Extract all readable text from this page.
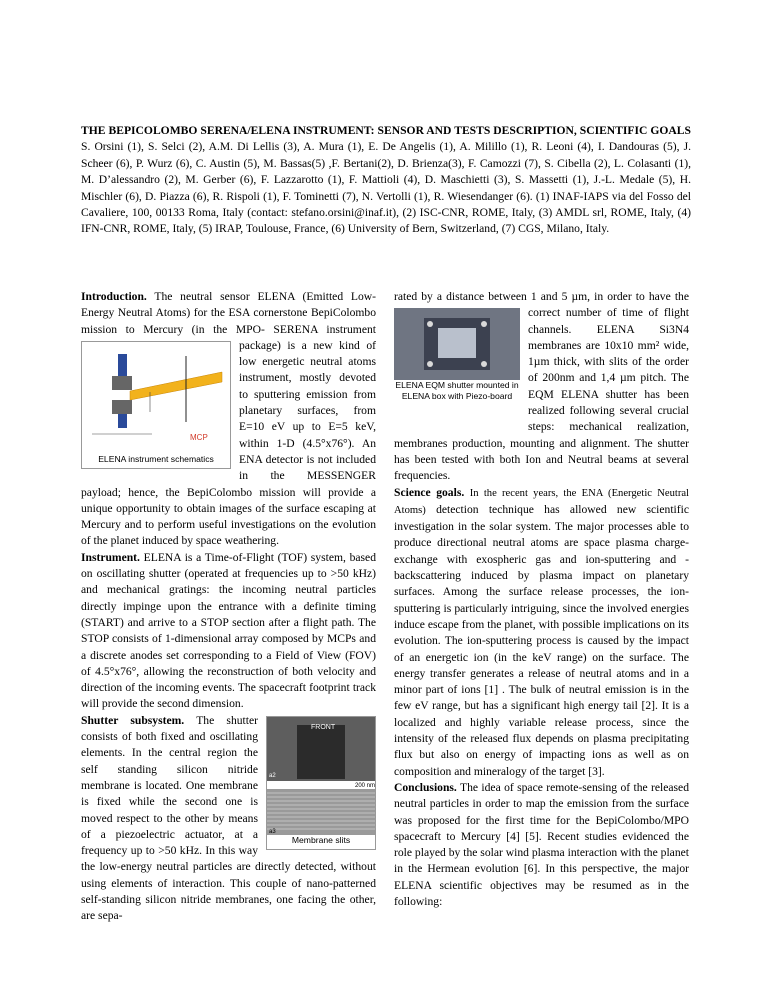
THE BEPICOLOMBO SERENA/ELENA INSTRUMENT: SENSOR AND TESTS DESCRIPTION, SCIENTIFIC GOALS S. Orsini (1), S. Selci (2), A.M. Di Lellis (3), A. Mura (1), E. De Angelis (1), A. Milillo (1), R. Leoni (4), I. Dandouras (5), J. Scheer (6), P. Wurz (6), C. Austin (5), M. Bassas(5) ,F. Bertani(2), D. Brienza(3), F. Camozzi (7), S. Cibella (2), L. Colasanti (1), M. D’alessandro (2), M. Gerber (6), F. Lazzarotto (1), F. Mattioli (4), D. Maschietti (3), S. Massetti (1), J.-L. Medale (5), H. Mischler (6), D. Piazza (6), R. Rispoli (1), F. Tominetti (7), N. Vertolli (1), R. Wiesendanger (6). (1) INAF-IAPS via del Fosso del Cavaliere, 100, 00133 Roma, Italy (contact: stefano.orsini@inaf.it), (2) ISC-CNR, ROME, Italy, (3) AMDL srl, ROME, Italy, (4) IFN-CNR, ROME, Italy, (5) IRAP, Toulouse, France, (6) University of Bern, Switzerland, (7) CGS, Milano, Italy.

Introduction. The neutral sensor ELENA (Emitted Low-Energy Neutral Atoms) for the ESA cornerstone BepiColombo mission to Mercury (in the MPO-
MCP
ELENA instrument schematics
SERENA instrument package) is a new kind of low energetic neutral atoms instrument, mostly devoted to sputtering emission from planetary surfaces, from E=10 eV up to E=5 keV, within 1-D (4.5°x76°). An ENA detector is not included in the MESSENGER payload; hence, the BepiColombo mission will provide a unique opportunity to obtain images of the surface escaping at Mercury and to perform useful investigations on the evolution of the planet induced by space weathering.

Instrument. ELENA is a Time-of-Flight (TOF) system, based on oscillating shutter (operated at frequencies up to >50 kHz) and mechanical gratings: the incoming neutral particles directly impinge upon the entrance with a definite timing (START) and arrive to a STOP section after a flight path. The STOP consists of 1-dimensional array composed by MCPs and a discrete anodes set corresponding to a Field of View (FOV) of 4.5°x76°, allowing the reconstruction of both velocity and direction of the incoming events. The spacecraft footprint track will provide the second dimension.

FRONT
a2
200 nm
a3
Membrane slits
Shutter subsystem. The shutter consists of both fixed and oscillating elements. In the central region the self standing silicon nitride membrane is located. One membrane is fixed while the second one is moved respect to the other by means of a piezoelectric actuator, at a frequency up to >50 kHz. In this way the low-energy neutral particles are directly detected, without using elements of interaction. This couple of nano-patterned self-standing silicon nitride membranes, one facing the other, are sepa-

rated by a distance between 1 and 5 µm, in order to
ELENA EQM shutter mounted in ELENA box with Piezo-board
have the correct number of time of flight channels. ELENA Si3N4 membranes are 10x10 mm² wide, 1µm thick, with slits of the order of 200nm and 1,4 µm pitch. The EQM ELENA shutter has been realized following several crucial steps: mechanical realization, membranes production, mounting and alignment. The shutter has been tested with both Ion and Neutral beams at several frequencies.

Science goals. In the recent years, the ENA (Energetic Neutral Atoms) detection technique has allowed new scientific investigation in the solar system. The major processes able to produce directional neutral atoms are space plasma charge-exchange with exospheric gas and ion-sputtering and -backscattering induced by plasma impact on planetary surfaces. Among the surface release processes, the ion-sputtering is particularly intriguing, since the involved energies induce escape from the planet, with possible implications on its evolution. The ion-sputtering process is caused by the impact of an energetic ion (in the keV range) on the surface. The energy transfer generates a release of neutral atoms and in a minor part of ions [1] . The bulk of neutral emission is in the few eV range, but has a significant high energy tail [2]. It is a localized and highly variable release process, since the intensity of the released flux depends on plasma precipitating flux but also on energy of impacting ions as well as on composition and mineralogy of the target [3].

Conclusions. The idea of space remote-sensing of the released neutral particles in order to map the emission from the surface was proposed for the first time for the BepiColombo/MPO spacecraft to Mercury [4] [5]. Recent studies evidenced the role played by the solar wind plasma interaction with the planet in the Hermean evolution [6]. In this perspective, the major ELENA scientific objectives may be resumed as in the following:
